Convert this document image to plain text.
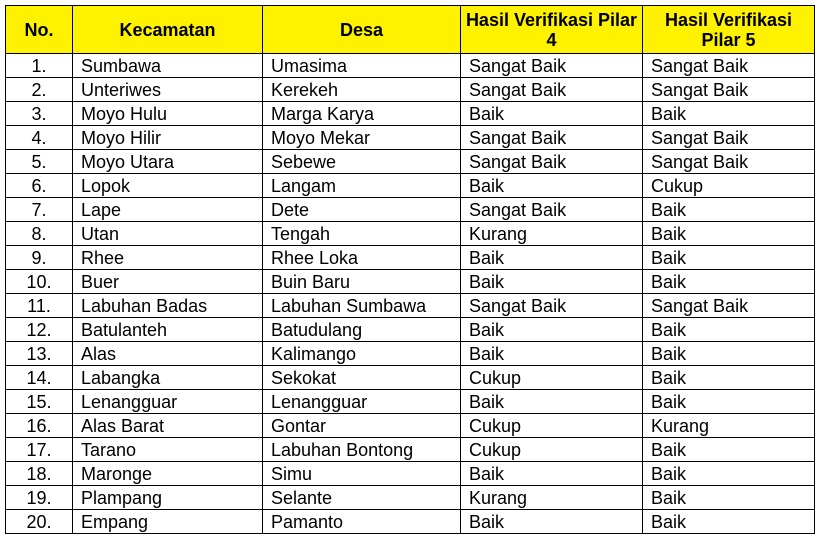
No.	Kecamatan	Desa	Hasil Verifikasi Pilar 4	Hasil Verifikasi Pilar 5
1.	Sumbawa	Umasima	Sangat Baik	Sangat Baik
2.	Unteriwes	Kerekeh	Sangat Baik	Sangat Baik
3.	Moyo Hulu	Marga Karya	Baik	Baik
4.	Moyo Hilir	Moyo Mekar	Sangat Baik	Sangat Baik
5.	Moyo Utara	Sebewe	Sangat Baik	Sangat Baik
6.	Lopok	Langam	Baik	Cukup
7.	Lape	Dete	Sangat Baik	Baik
8.	Utan	Tengah	Kurang	Baik
9.	Rhee	Rhee Loka	Baik	Baik
10.	Buer	Buin Baru	Baik	Baik
11.	Labuhan Badas	Labuhan Sumbawa	Sangat Baik	Sangat Baik
12.	Batulanteh	Batudulang	Baik	Baik
13.	Alas	Kalimango	Baik	Baik
14.	Labangka	Sekokat	Cukup	Baik
15.	Lenangguar	Lenangguar	Baik	Baik
16.	Alas Barat	Gontar	Cukup	Kurang
17.	Tarano	Labuhan Bontong	Cukup	Baik
18.	Maronge	Simu	Baik	Baik
19.	Plampang	Selante	Kurang	Baik
20.	Empang	Pamanto	Baik	Baik
